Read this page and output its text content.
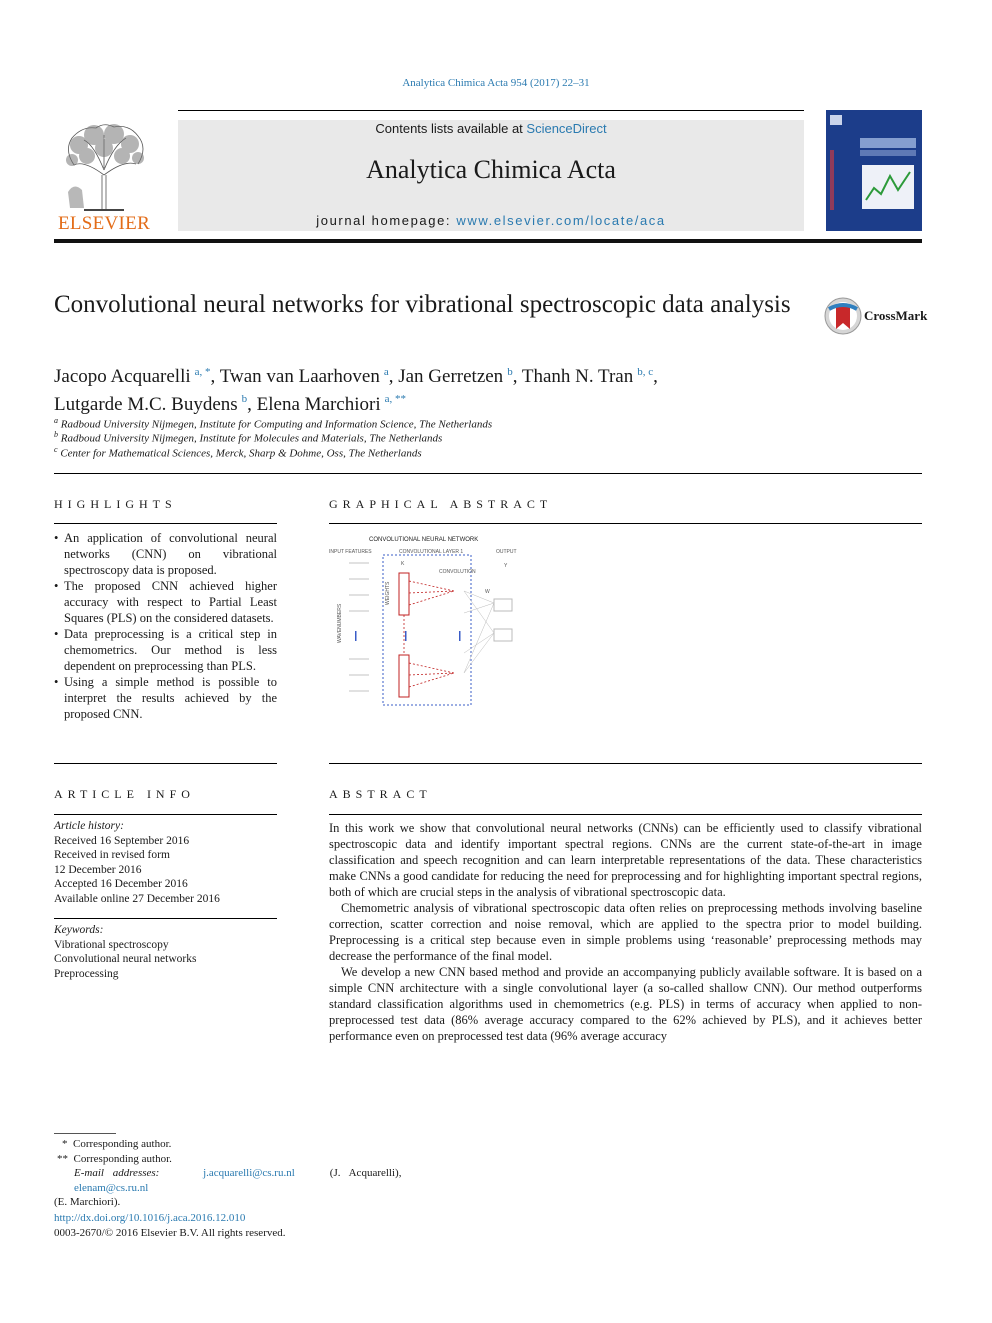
Analytica Chimica Acta 954 (2017) 22–31
ELSEVIER
Contents lists available at ScienceDirect
Analytica Chimica Acta
journal homepage: www.elsevier.com/locate/aca
Convolutional neural networks for vibrational spectroscopic data analysis	CrossMark
Jacopo Acquarelli $^{a, *}$, Twan van Laarhoven $^a$, Jan Gerretzen $^b$, Thanh N. Tran $^{b, c}$,
Lutgarde M.C. Buydens $^b$, Elena Marchiori $^{a, **}$
$^a$ Radboud University Nijmegen, Institute for Computing and Information Science, The Netherlands
$^b$ Radboud University Nijmegen, Institute for Molecules and Materials, The Netherlands
$^c$ Center for Mathematical Sciences, Merck, Sharp & Dohme, Oss, The Netherlands
HIGHLIGHTS
• An application of convolutional neural networks (CNN) on vibrational spectroscopy data is proposed.
• The proposed CNN achieved higher accuracy with respect to Partial Least Squares (PLS) on the considered datasets.
• Data preprocessing is a critical step in chemometrics. Our method is less dependent on preprocessing than PLS.
• Using a simple method is possible to interpret the results achieved by the proposed CNN.
GRAPHICAL ABSTRACT
CONVOLUTIONAL NEURAL NETWORK
INPUT FEATURES	CONVOLUTIONAL LAYER 1	OUTPUT
K
CONVOLUTION
Y
W
WAVENUMBERS
WEIGHTS
ARTICLE INFO
Article history:
Received 16 September 2016
Received in revised form
12 December 2016
Accepted 16 December 2016
Available online 27 December 2016
Keywords:
Vibrational spectroscopy
Convolutional neural networks
Preprocessing
ABSTRACT

In this work we show that convolutional neural networks (CNNs) can be efficiently used to classify vibrational spectroscopic data and identify important spectral regions. CNNs are the current state-of-the-art in image classification and speech recognition and can learn interpretable representations of the data. These characteristics make CNNs a good candidate for reducing the need for preprocessing and for highlighting important spectral regions, both of which are crucial steps in the analysis of vibrational spectroscopic data.

Chemometric analysis of vibrational spectroscopic data often relies on preprocessing methods involving baseline correction, scatter correction and noise removal, which are applied to the spectra prior to model building. Preprocessing is a critical step because even in simple problems using ‘reasonable’ preprocessing methods may decrease the performance of the final model.

We develop a new CNN based method and provide an accompanying publicly available software. It is based on a simple CNN architecture with a single convolutional layer (a so-called shallow CNN). Our method outperforms standard classification algorithms used in chemometrics (e.g. PLS) in terms of accuracy when applied to non-preprocessed test data (86% average accuracy compared to the 62% achieved by PLS), and it achieves better performance even on preprocessed test data (96% average accuracy

* Corresponding author.
** Corresponding author.
E-mail addresses:	j.acquarelli@cs.ru.nl	(J. Acquarelli),    elenam@cs.ru.nl
(E. Marchiori).
http://dx.doi.org/10.1016/j.aca.2016.12.010
0003-2670/© 2016 Elsevier B.V. All rights reserved.
